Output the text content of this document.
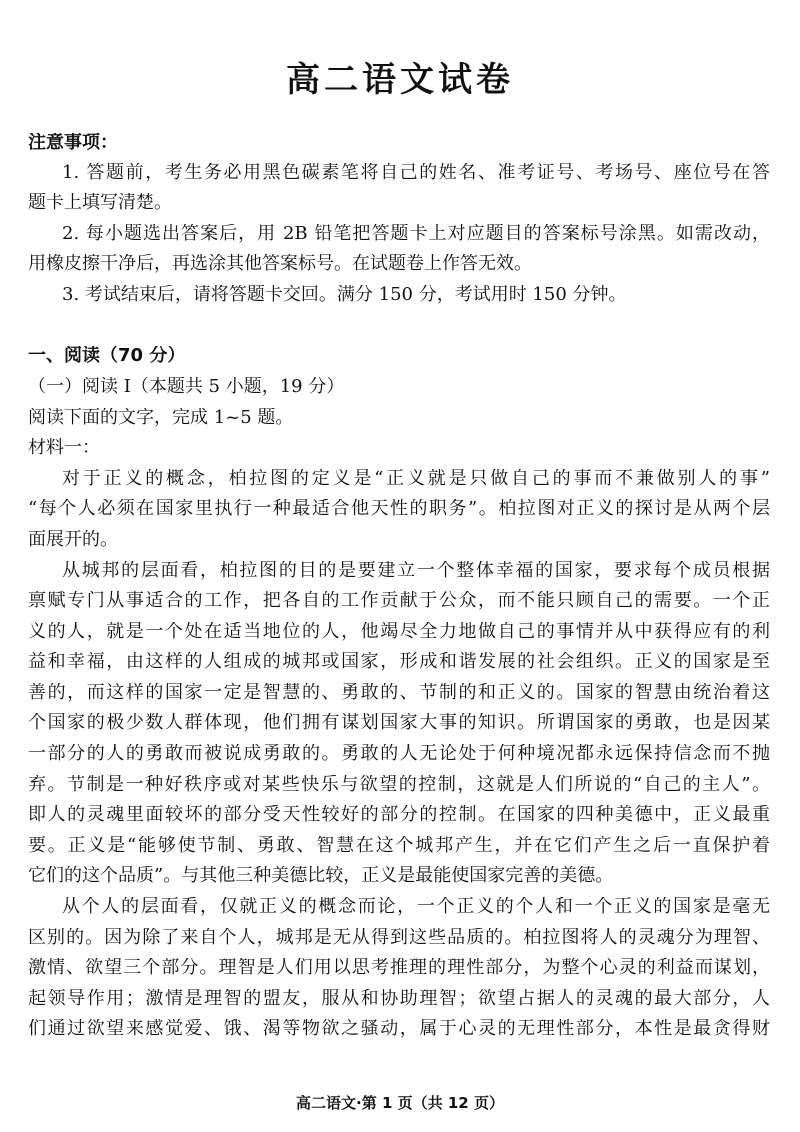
高二语文试卷
注意事项：
1. 答题前，考生务必用黑色碳素笔将自己的姓名、准考证号、考场号、座位号在答
题卡上填写清楚。
2. 每小题选出答案后，用 2B 铅笔把答题卡上对应题目的答案标号涂黑。如需改动，
用橡皮擦干净后，再选涂其他答案标号。在试题卷上作答无效。
3. 考试结束后，请将答题卡交回。满分 150 分，考试用时 150 分钟。
一、阅读（70 分）
（一）阅读 Ⅰ（本题共 5 小题，19 分）
阅读下面的文字，完成 1~5 题。
材料一：
对于正义的概念，柏拉图的定义是“正义就是只做自己的事而不兼做别人的事”
“每个人必须在国家里执行一种最适合他天性的职务”。柏拉图对正义的探讨是从两个层
面展开的。
从城邦的层面看，柏拉图的目的是要建立一个整体幸福的国家，要求每个成员根据
禀赋专门从事适合的工作，把各自的工作贡献于公众，而不能只顾自己的需要。一个正
义的人，就是一个处在适当地位的人，他竭尽全力地做自己的事情并从中获得应有的利
益和幸福，由这样的人组成的城邦或国家，形成和谐发展的社会组织。正义的国家是至
善的，而这样的国家一定是智慧的、勇敢的、节制的和正义的。国家的智慧由统治着这
个国家的极少数人群体现，他们拥有谋划国家大事的知识。所谓国家的勇敢，也是因某
一部分的人的勇敢而被说成勇敢的。勇敢的人无论处于何种境况都永远保持信念而不抛
弃。节制是一种好秩序或对某些快乐与欲望的控制，这就是人们所说的“自己的主人”。
即人的灵魂里面较坏的部分受天性较好的部分的控制。在国家的四种美德中，正义最重
要。正义是“能够使节制、勇敢、智慧在这个城邦产生，并在它们产生之后一直保护着
它们的这个品质”。与其他三种美德比较，正义是最能使国家完善的美德。
从个人的层面看，仅就正义的概念而论，一个正义的个人和一个正义的国家是毫无
区别的。因为除了来自个人，城邦是无从得到这些品质的。柏拉图将人的灵魂分为理智、
激情、欲望三个部分。理智是人们用以思考推理的理性部分，为整个心灵的利益而谋划，
起领导作用；激情是理智的盟友，服从和协助理智；欲望占据人的灵魂的最大部分，人
们通过欲望来感觉爱、饿、渴等物欲之骚动，属于心灵的无理性部分，本性是最贪得财
高二语文·第 1 页（共 12 页）
